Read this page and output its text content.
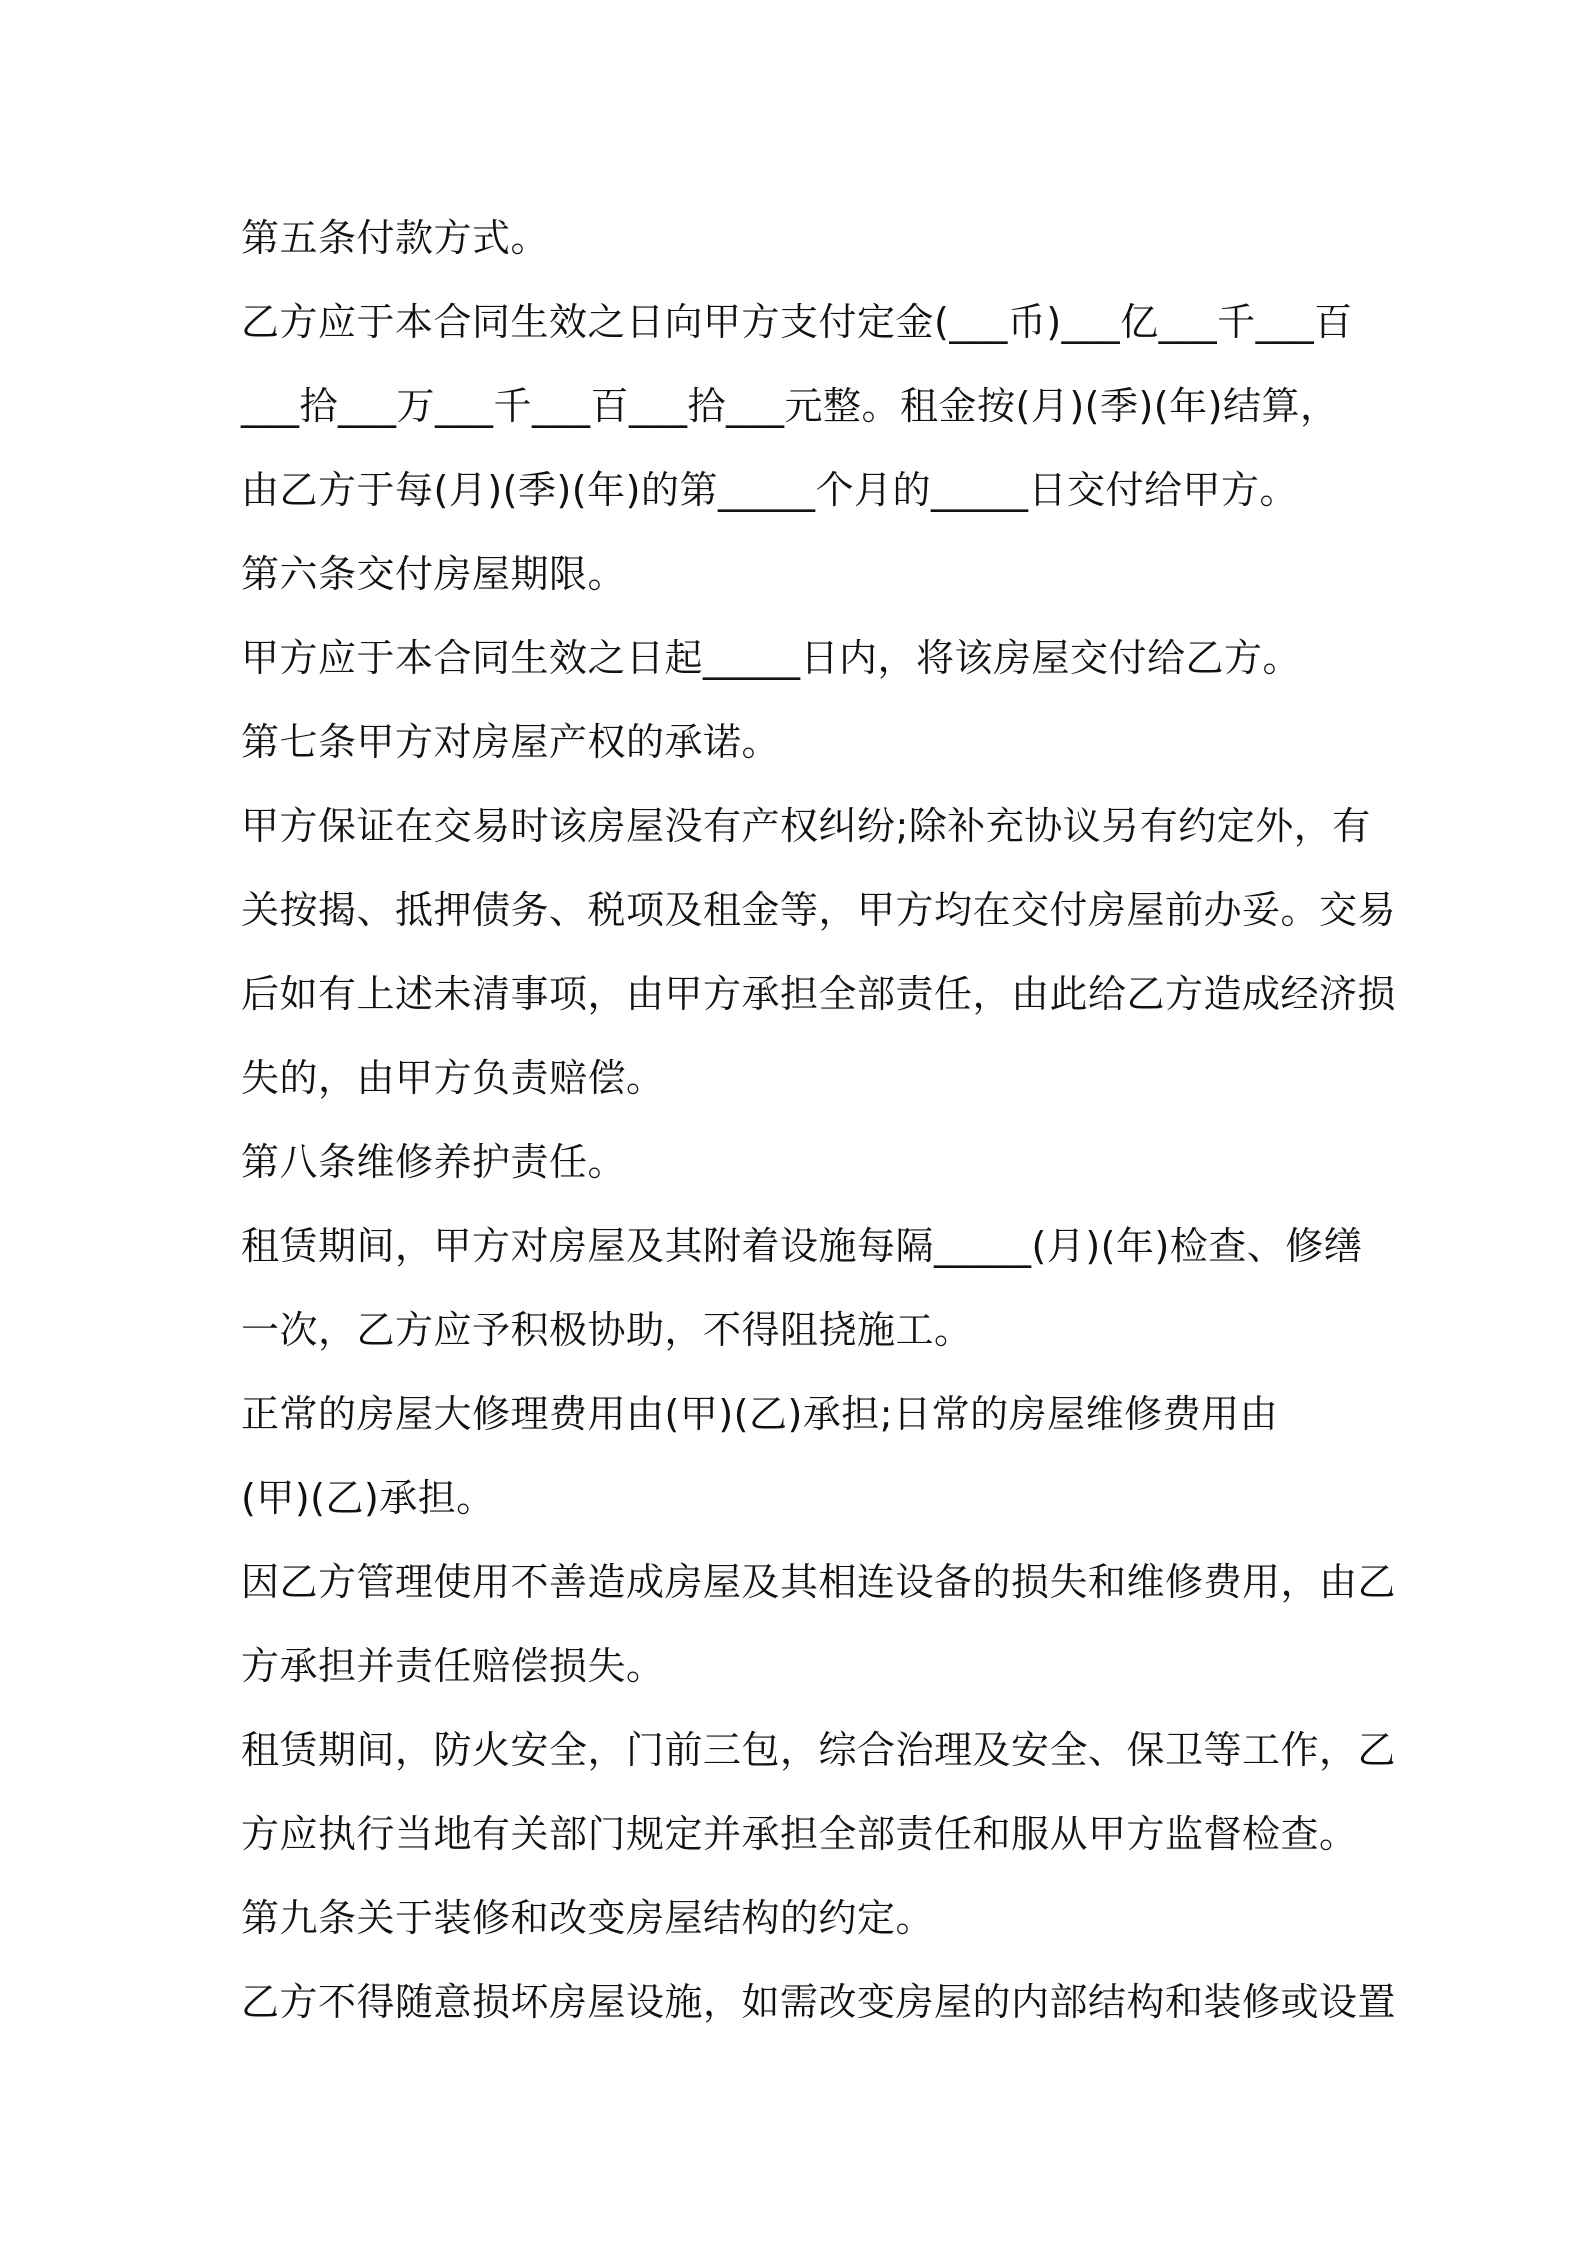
第五条付款方式。
乙方应于本合同生效之日向甲方支付定金(___币)___亿___千___百
___拾___万___千___百___拾___元整。租金按(月)(季)(年)结算，
由乙方于每(月)(季)(年)的第_____个月的_____日交付给甲方。
第六条交付房屋期限。
甲方应于本合同生效之日起_____日内，将该房屋交付给乙方。
第七条甲方对房屋产权的承诺。
甲方保证在交易时该房屋没有产权纠纷;除补充协议另有约定外，有
关按揭、抵押债务、税项及租金等，甲方均在交付房屋前办妥。交易
后如有上述未清事项，由甲方承担全部责任，由此给乙方造成经济损
失的，由甲方负责赔偿。
第八条维修养护责任。
租赁期间，甲方对房屋及其附着设施每隔_____(月)(年)检查、修缮
一次，乙方应予积极协助，不得阻挠施工。
正常的房屋大修理费用由(甲)(乙)承担;日常的房屋维修费用由
(甲)(乙)承担。
因乙方管理使用不善造成房屋及其相连设备的损失和维修费用，由乙
方承担并责任赔偿损失。
租赁期间，防火安全，门前三包，综合治理及安全、保卫等工作，乙
方应执行当地有关部门规定并承担全部责任和服从甲方监督检查。
第九条关于装修和改变房屋结构的约定。
乙方不得随意损坏房屋设施，如需改变房屋的内部结构和装修或设置
